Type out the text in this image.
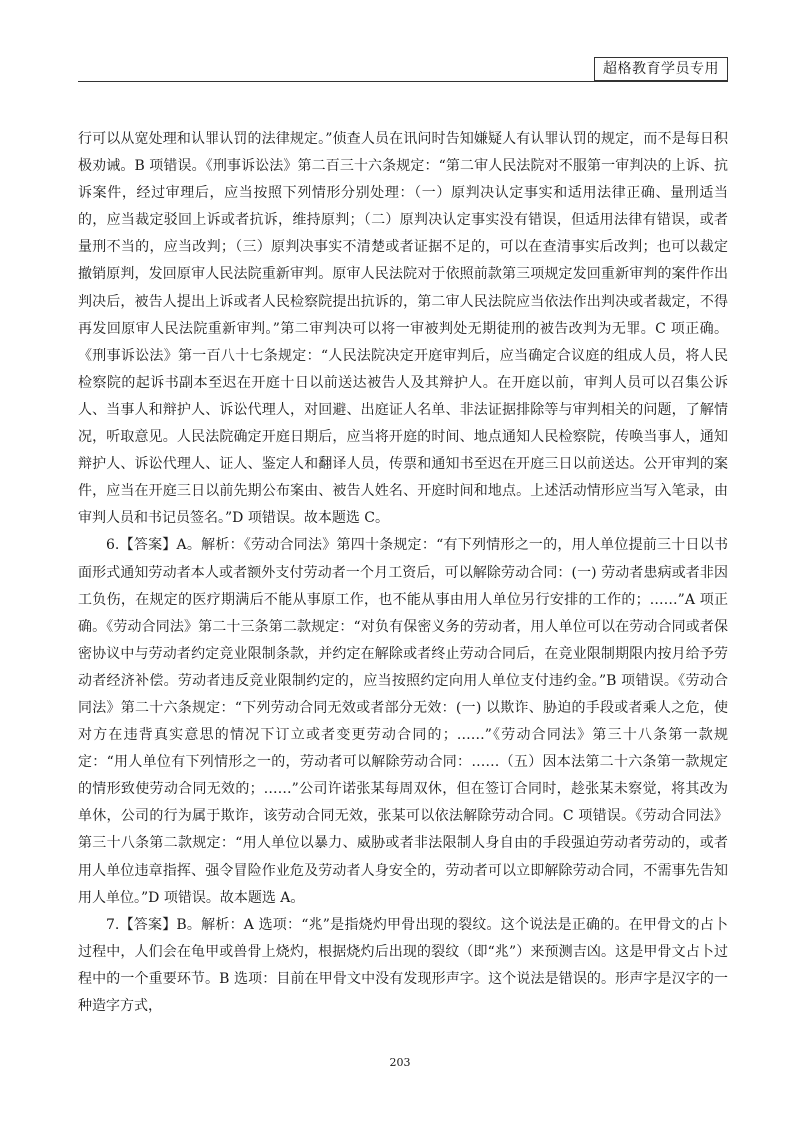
超格教育学员专用

行可以从宽处理和认罪认罚的法律规定。”侦查人员在讯问时告知嫌疑人有认罪认罚的规定，而不是每日积极劝诫。B 项错误。《刑事诉讼法》第二百三十六条规定：“第二审人民法院对不服第一审判决的上诉、抗诉案件，经过审理后，应当按照下列情形分别处理：（一）原判决认定事实和适用法律正确、量刑适当的，应当裁定驳回上诉或者抗诉，维持原判；（二）原判决认定事实没有错误，但适用法律有错误，或者量刑不当的，应当改判；（三）原判决事实不清楚或者证据不足的，可以在查清事实后改判；也可以裁定撤销原判，发回原审人民法院重新审判。原审人民法院对于依照前款第三项规定发回重新审判的案件作出判决后，被告人提出上诉或者人民检察院提出抗诉的，第二审人民法院应当依法作出判决或者裁定，不得再发回原审人民法院重新审判。”第二审判决可以将一审被判处无期徒刑的被告改判为无罪。C 项正确。《刑事诉讼法》第一百八十七条规定：“人民法院决定开庭审判后，应当确定合议庭的组成人员，将人民检察院的起诉书副本至迟在开庭十日以前送达被告人及其辩护人。在开庭以前，审判人员可以召集公诉人、当事人和辩护人、诉讼代理人，对回避、出庭证人名单、非法证据排除等与审判相关的问题，了解情况，听取意见。人民法院确定开庭日期后，应当将开庭的时间、地点通知人民检察院，传唤当事人，通知辩护人、诉讼代理人、证人、鉴定人和翻译人员，传票和通知书至迟在开庭三日以前送达。公开审判的案件，应当在开庭三日以前先期公布案由、被告人姓名、开庭时间和地点。上述活动情形应当写入笔录，由审判人员和书记员签名。”D 项错误。故本题选 C。

6.【答案】A。解析：《劳动合同法》第四十条规定：“有下列情形之一的，用人单位提前三十日以书面形式通知劳动者本人或者额外支付劳动者一个月工资后，可以解除劳动合同：(一) 劳动者患病或者非因工负伤，在规定的医疗期满后不能从事原工作，也不能从事由用人单位另行安排的工作的；……”A 项正确。《劳动合同法》第二十三条第二款规定：“对负有保密义务的劳动者，用人单位可以在劳动合同或者保密协议中与劳动者约定竞业限制条款，并约定在解除或者终止劳动合同后，在竞业限制期限内按月给予劳动者经济补偿。劳动者违反竞业限制约定的，应当按照约定向用人单位支付违约金。”B 项错误。《劳动合同法》第二十六条规定：“下列劳动合同无效或者部分无效：(一) 以欺诈、胁迫的手段或者乘人之危，使对方在违背真实意思的情况下订立或者变更劳动合同的；……”《劳动合同法》第三十八条第一款规定：“用人单位有下列情形之一的，劳动者可以解除劳动合同：……（五）因本法第二十六条第一款规定的情形致使劳动合同无效的；……”公司许诺张某每周双休，但在签订合同时，趁张某未察觉，将其改为单休，公司的行为属于欺诈，该劳动合同无效，张某可以依法解除劳动合同。C 项错误。《劳动合同法》第三十八条第二款规定：“用人单位以暴力、威胁或者非法限制人身自由的手段强迫劳动者劳动的，或者用人单位违章指挥、强令冒险作业危及劳动者人身安全的，劳动者可以立即解除劳动合同，不需事先告知用人单位。”D 项错误。故本题选 A。

7.【答案】B。解析：A 选项：“兆”是指烧灼甲骨出现的裂纹。这个说法是正确的。在甲骨文的占卜过程中，人们会在龟甲或兽骨上烧灼，根据烧灼后出现的裂纹（即“兆”）来预测吉凶。这是甲骨文占卜过程中的一个重要环节。B 选项：目前在甲骨文中没有发现形声字。这个说法是错误的。形声字是汉字的一种造字方式，

203
